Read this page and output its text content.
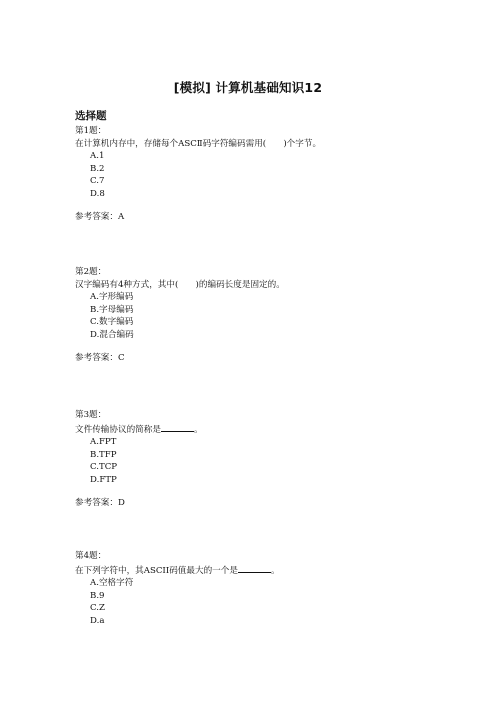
[模拟] 计算机基础知识12
选择题
第1题：
在计算机内存中，存储每个ASCⅡ码字符编码需用(　　)个字节。
A.1
B.2
C.7
D.8
参考答案：A
第2题：
汉字编码有4种方式，其中(　　)的编码长度是固定的。
A.字形编码
B.字母编码
C.数字编码
D.混合编码
参考答案：C
第3题：
文件传输协议的简称是	。
A.FPT
B.TFP
C.TCP
D.FTP
参考答案：D
第4题：
在下列字符中，其ASCII码值最大的一个是	。
A.空格字符
B.9
C.Z
D.a
